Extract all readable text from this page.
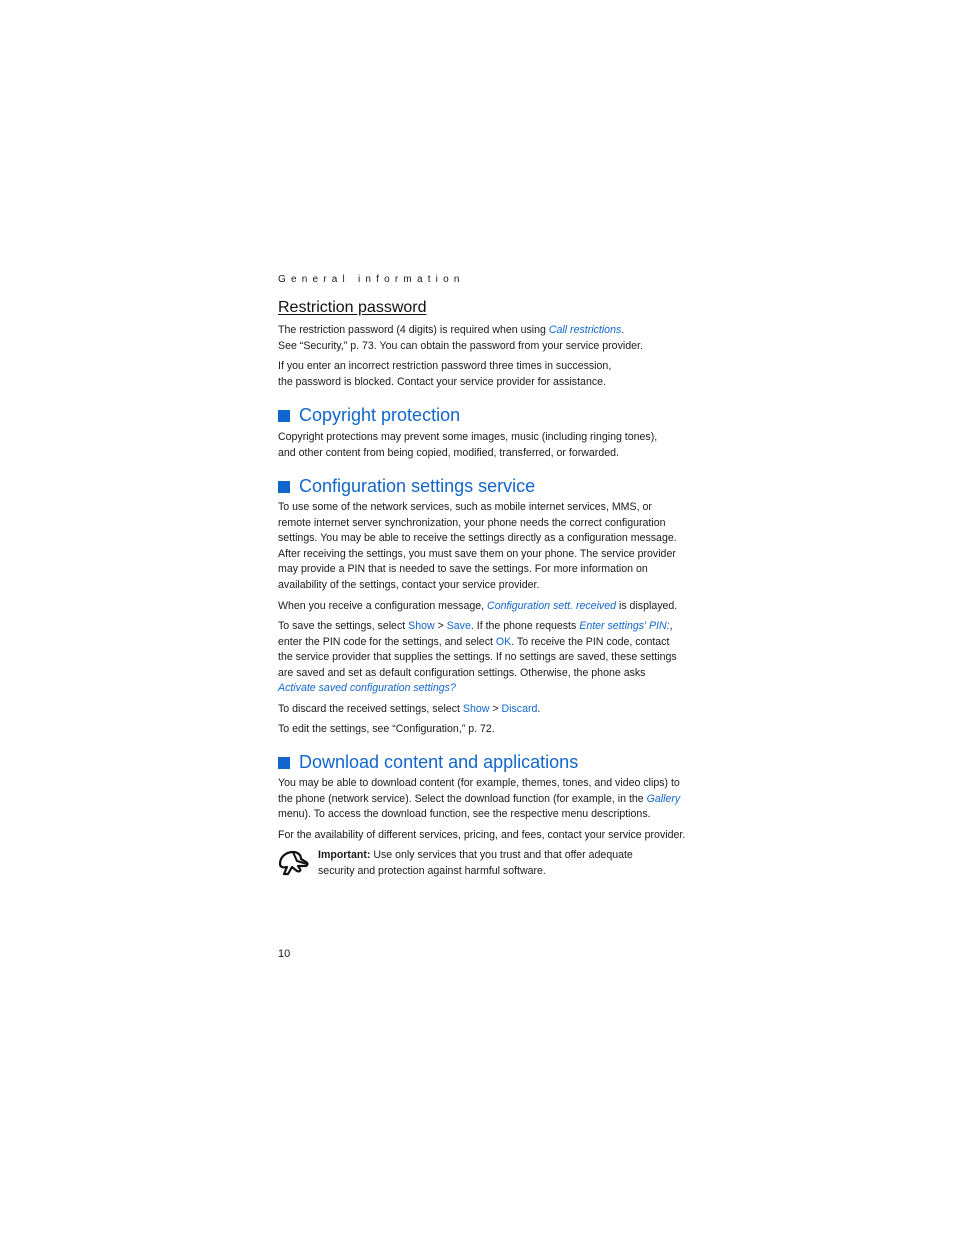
General information
Restriction password
The restriction password (4 digits) is required when using Call restrictions.
See “Security,” p. 73. You can obtain the password from your service provider.
If you enter an incorrect restriction password three times in succession,
the password is blocked. Contact your service provider for assistance.
Copyright protection
Copyright protections may prevent some images, music (including ringing tones),
and other content from being copied, modified, transferred, or forwarded.
Configuration settings service
To use some of the network services, such as mobile internet services, MMS, or
remote internet server synchronization, your phone needs the correct configuration
settings. You may be able to receive the settings directly as a configuration message.
After receiving the settings, you must save them on your phone. The service provider
may provide a PIN that is needed to save the settings. For more information on
availability of the settings, contact your service provider.
When you receive a configuration message, Configuration sett. received is displayed.
To save the settings, select Show > Save. If the phone requests Enter settings' PIN:,
enter the PIN code for the settings, and select OK. To receive the PIN code, contact
the service provider that supplies the settings. If no settings are saved, these settings
are saved and set as default configuration settings. Otherwise, the phone asks
Activate saved configuration settings?
To discard the received settings, select Show > Discard.
To edit the settings, see “Configuration,” p. 72.
Download content and applications
You may be able to download content (for example, themes, tones, and video clips) to
the phone (network service). Select the download function (for example, in the Gallery
menu). To access the download function, see the respective menu descriptions.
For the availability of different services, pricing, and fees, contact your service provider.
Important: Use only services that you trust and that offer adequate
security and protection against harmful software.
10
